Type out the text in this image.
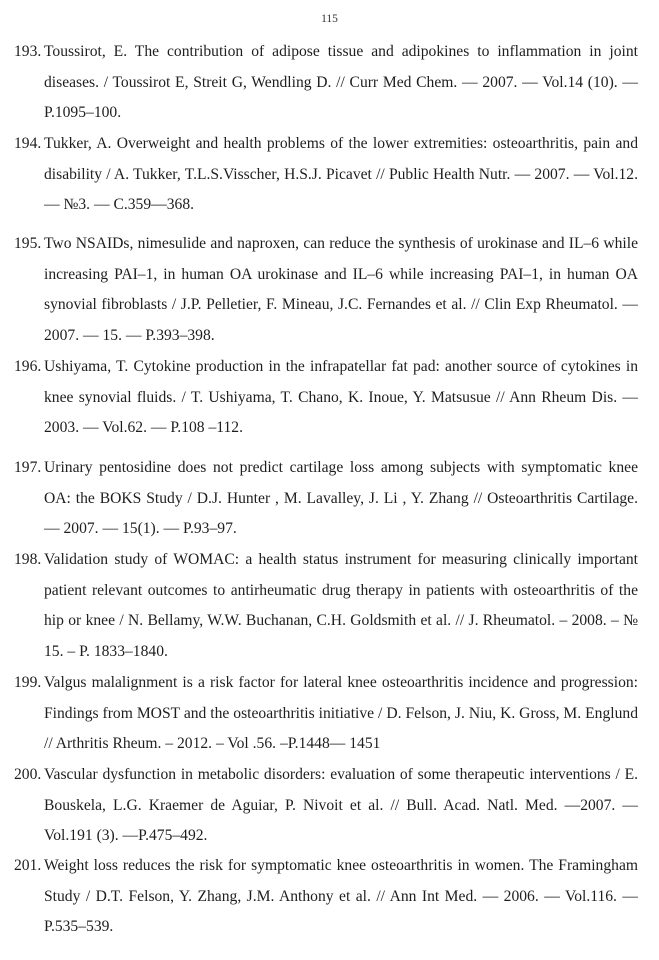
115
193. Toussirot, E. The contribution of adipose tissue and adipokines to inflammation in joint diseases. / Toussirot E, Streit G, Wendling D. // Curr Med Chem. — 2007. — Vol.14 (10). — P.1095–100.
194. Tukker, A. Overweight and health problems of the lower extremities: osteoarthritis, pain and disability / A. Tukker, T.L.S.Visscher, H.S.J. Picavet // Public Health Nutr. — 2007. — Vol.12. — №3. — С.359—368.
195. Two NSAIDs, nimesulide and naproxen, can reduce the synthesis of urokinase and IL–6 while increasing PAI–1, in human OA urokinase and IL–6 while increasing PAI–1, in human OA synovial fibroblasts / J.P. Pelletier, F. Mineau, J.C. Fernandes et al. // Clin Exp Rheumatol. — 2007. — 15. — P.393–398.
196. Ushiyama, T. Cytokine production in the infrapatellar fat pad: another source of cytokines in knee synovial fluids. / T. Ushiyama, T. Chano, K. Inoue, Y. Matsusue // Ann Rheum Dis. — 2003. — Vol.62. — P.108 –112.
197. Urinary pentosidine does not predict cartilage loss among subjects with symptomatic knee OA: the BOKS Study / D.J. Hunter , M. Lavalley, J. Li , Y. Zhang // Osteoarthritis Cartilage. — 2007. — 15(1). — P.93–97.
198. Validation study of WOMAC: a health status instrument for measuring clinically important patient relevant outcomes to antirheumatic drug therapy in patients with osteoarthritis of the hip or knee / N. Bellamy, W.W. Buchanan, C.H. Goldsmith et al. // J. Rheumatol. – 2008. – № 15. – P. 1833–1840.
199. Valgus malalignment is a risk factor for lateral knee osteoarthritis incidence and progression: Findings from MOST and the osteoarthritis initiative / D. Felson, J. Niu, K. Gross, M. Englund // Arthritis Rheum. – 2012. – Vol .56. –P.1448— 1451
200. Vascular dysfunction in metabolic disorders: evaluation of some therapeutic interventions / E. Bouskela, L.G. Kraemer de Aguiar, P. Nivoit et al. // Bull. Acad. Natl. Med. —2007. — Vol.191 (3). —P.475–492.
201. Weight loss reduces the risk for symptomatic knee osteoarthritis in women. The Framingham Study / D.T. Felson, Y. Zhang, J.M. Anthony et al. // Ann Int Med. — 2006. — Vol.116. — P.535–539.
